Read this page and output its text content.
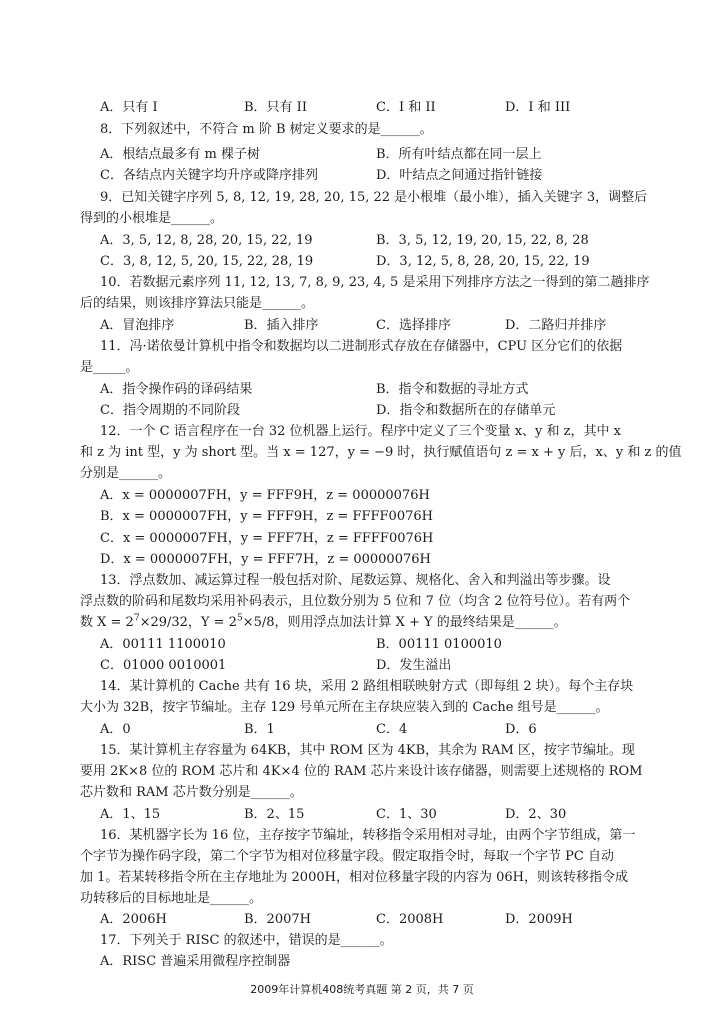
A．只有 I	B．只有 II	C．I 和 II	D．I 和 III
8．下列叙述中，不符合 m 阶 B 树定义要求的是______。
A．根结点最多有 m 棵子树	B．所有叶结点都在同一层上
C．各结点内关键字均升序或降序排列	D．叶结点之间通过指针链接
9．已知关键字序列 5, 8, 12, 19, 28, 20, 15, 22 是小根堆（最小堆），插入关键字 3，调整后
得到的小根堆是______。
A．3, 5, 12, 8, 28, 20, 15, 22, 19	B．3, 5, 12, 19, 20, 15, 22, 8, 28
C．3, 8, 12, 5, 20, 15, 22, 28, 19	D．3, 12, 5, 8, 28, 20, 15, 22, 19
10．若数据元素序列 11, 12, 13, 7, 8, 9, 23, 4, 5 是采用下列排序方法之一得到的第二趟排序
后的结果，则该排序算法只能是______。
A．冒泡排序	B．插入排序	C．选择排序	D．二路归并排序
11．冯·诺依曼计算机中指令和数据均以二进制形式存放在存储器中，CPU 区分它们的依据
是_____。
A．指令操作码的译码结果	B．指令和数据的寻址方式
C．指令周期的不同阶段	D．指令和数据所在的存储单元
12．一个 C 语言程序在一台 32 位机器上运行。程序中定义了三个变量 x、y 和 z，其中 x
和 z 为 int 型，y 为 short 型。当 x = 127，y = −9 时，执行赋值语句 z = x + y 后，x、y 和 z 的值
分别是______。
A．x = 0000007FH，y = FFF9H，z = 00000076H
B．x = 0000007FH，y = FFF9H，z = FFFF0076H
C．x = 0000007FH，y = FFF7H，z = FFFF0076H
D．x = 0000007FH，y = FFF7H，z = 00000076H
13．浮点数加、减运算过程一般包括对阶、尾数运算、规格化、舍入和判溢出等步骤。设
浮点数的阶码和尾数均采用补码表示，且位数分别为 5 位和 7 位（均含 2 位符号位）。若有两个
数 $X = 2^7\times 29/32$，$Y = 2^5\times 5/8$，则用浮点加法计算 X + Y 的最终结果是______。
A．00111 1100010	B．00111 0100010
C．01000 0010001	D．发生溢出
14．某计算机的 Cache 共有 16 块，采用 2 路组相联映射方式（即每组 2 块）。每个主存块
大小为 32B，按字节编址。主存 129 号单元所在主存块应装入到的 Cache 组号是______。
A．0	B．1	C．4	D．6
15．某计算机主存容量为 64KB，其中 ROM 区为 4KB，其余为 RAM 区，按字节编址。现
要用 2K×8 位的 ROM 芯片和 4K×4 位的 RAM 芯片来设计该存储器，则需要上述规格的 ROM
芯片数和 RAM 芯片数分别是______。
A．1、15	B．2、15	C．1、30	D．2、30
16．某机器字长为 16 位，主存按字节编址，转移指令采用相对寻址，由两个字节组成，第一
个字节为操作码字段，第二个字节为相对位移量字段。假定取指令时，每取一个字节 PC 自动
加 1。若某转移指令所在主存地址为 2000H，相对位移量字段的内容为 06H，则该转移指令成
功转移后的目标地址是______。
A．2006H	B．2007H	C．2008H	D．2009H
17．下列关于 RISC 的叙述中，错误的是______。
A．RISC 普遍采用微程序控制器
2009年计算机408统考真题 第 2 页，共 7 页
